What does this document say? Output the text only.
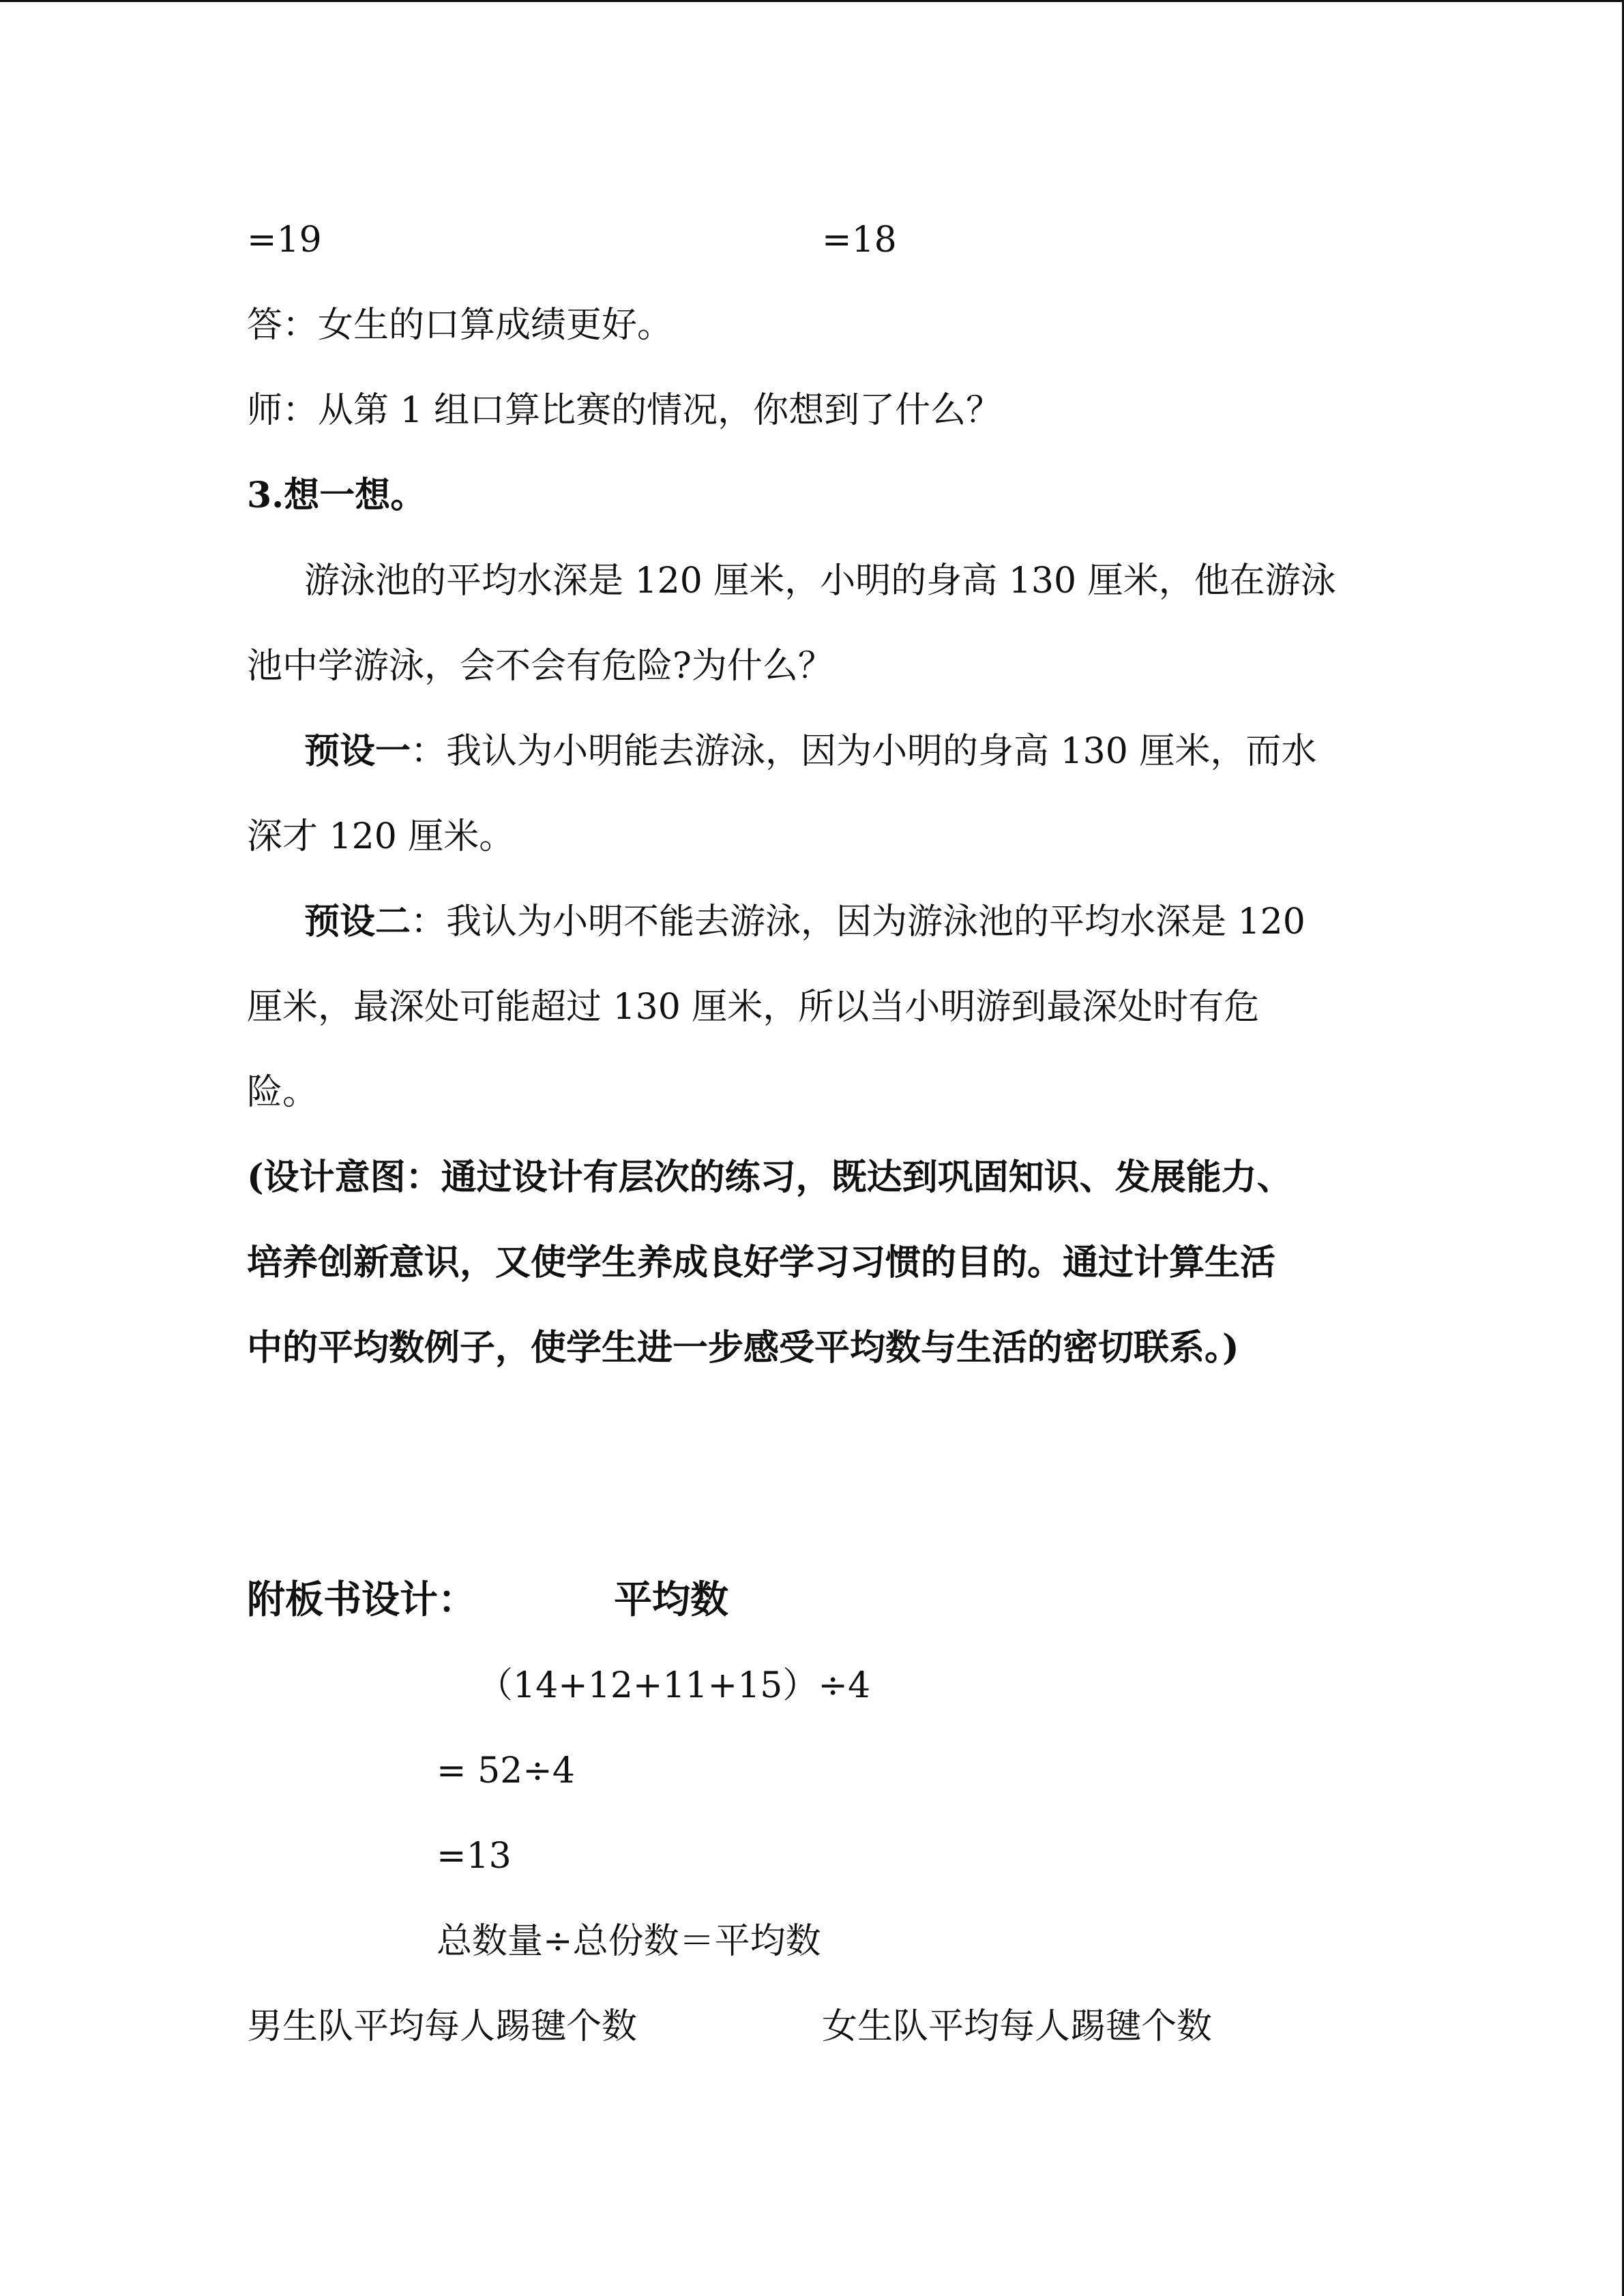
=19	=18
答：女生的口算成绩更好。
师：从第 1 组口算比赛的情况，你想到了什么？
3.想一想。
游泳池的平均水深是 120 厘米，小明的身高 130 厘米，他在游泳
池中学游泳，会不会有危险?为什么？
预设一：我认为小明能去游泳，因为小明的身高 130 厘米，而水
深才 120 厘米。
预设二：我认为小明不能去游泳，因为游泳池的平均水深是 120
厘米，最深处可能超过 130 厘米，所以当小明游到最深处时有危
险。
(设计意图：通过设计有层次的练习，既达到巩固知识、发展能力、
培养创新意识，又使学生养成良好学习习惯的目的。通过计算生活
中的平均数例子，使学生进一步感受平均数与生活的密切联系。)
附板书设计：	平均数
（14+12+11+15）÷4
= 52÷4
=13
总数量÷总份数＝平均数
男生队平均每人踢毽个数	女生队平均每人踢毽个数
